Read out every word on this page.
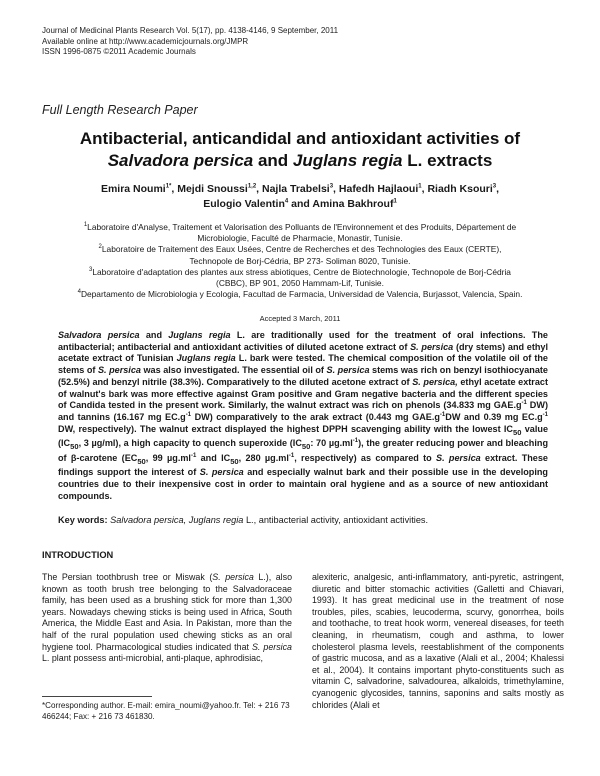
Journal of Medicinal Plants Research Vol. 5(17), pp. 4138-4146, 9 September, 2011
Available online at http://www.academicjournals.org/JMPR
ISSN 1996-0875 ©2011 Academic Journals
Full Length Research Paper
Antibacterial, anticandidal and antioxidant activities of
Salvadora persica and Juglans regia L. extracts
Emira Noumi$^{1*}$, Mejdi Snoussi$^{1,2}$, Najla Trabelsi$^3$, Hafedh Hajlaoui$^1$, Riadh Ksouri$^3$,
Eulogio Valentin$^4$ and Amina Bakhrouf$^1$
$^1$Laboratoire d'Analyse, Traitement et Valorisation des Polluants de l'Environnement et des Produits, Département de
Microbiologie, Faculté de Pharmacie, Monastir, Tunisie.
$^2$Laboratoire de Traitement des Eaux Usées, Centre de Recherches et des Technologies des Eaux (CERTE),
Technopole de Borj-Cédria, BP 273- Soliman 8020, Tunisie.
$^3$Laboratoire d'adaptation des plantes aux stress abiotiques, Centre de Biotechnologie, Technopole de Borj-Cédria
(CBBC), BP 901, 2050 Hammam-Lif, Tunisie.
$^4$Departamento de Microbiologia y Ecologia, Facultad de Farmacia, Universidad de Valencia, Burjassot, Valencia, Spain.
Accepted 3 March, 2011
Salvadora persica and Juglans regia L. are traditionally used for the treatment of oral infections. The antibacterial; antibacterial and antioxidant activities of diluted acetone extract of S. persica (dry stems) and ethyl acetate extract of Tunisian Juglans regia L. bark were tested. The chemical composition of the volatile oil of the stems of S. persica was also investigated. The essential oil of S. persica stems was rich on benzyl isothiocyanate (52.5%) and benzyl nitrile (38.3%). Comparatively to the diluted acetone extract of S. persica, ethyl acetate extract of walnut's bark was more effective against Gram positive and Gram negative bacteria and the different species of Candida tested in the present work. Similarly, the walnut extract was rich on phenols (34.833 mg $GAE.g^{-1}$ DW) and tannins (16.167 mg $EC.g^{-1}$ DW) comparatively to the arak extract (0.443 mg $GAE.g^{-1}DW$ and 0.39 mg $EC.g^{-1}$ DW, respectively). The walnut extract displayed the highest DPPH scavenging ability with the lowest $IC_{50}$ value ($IC_{50}$, 3 µg/ml), a high capacity to quench superoxide ($IC_{50}$: 70 $\mu g.ml^{-1}$), the greater reducing power and bleaching of β-carotene ($EC_{50}$, 99 $\mu g.ml^{-1}$ and $IC_{50}$, 280 $\mu g.ml^{-1}$, respectively) as compared to S. persica extract. These findings support the interest of S. persica and especially walnut bark and their possible use in the developing countries due to their inexpensive cost in order to maintain oral hygiene and as a source of new antioxidant compounds.
Key words: Salvadora persica, Juglans regia L., antibacterial activity, antioxidant activities.
INTRODUCTION
The Persian toothbrush tree or Miswak (S. persica L.), also known as tooth brush tree belonging to the Salvadoraceae family, has been used as a brushing stick for more than 1,300 years. Nowadays chewing sticks is being used in Africa, South America, the Middle East and Asia. In Pakistan, more than the half of the rural population used chewing sticks as an oral hygiene tool. Pharmacological studies indicated that S. persica L. plant possess anti-microbial, anti-plaque, aphrodisiac,
alexiteric, analgesic, anti-inflammatory, anti-pyretic, astringent, diuretic and bitter stomachic activities (Galletti and Chiavari, 1993). It has great medicinal use in the treatment of nose troubles, piles, scabies, leucoderma, scurvy, gonorrhea, boils and toothache, to treat hook worm, venereal diseases, for teeth cleaning, in rheumatism, cough and asthma, to lower cholesterol plasma levels, reestablishment of the components of gastric mucosa, and as a laxative (Alali et al., 2004; Khalessi et al., 2004). It contains important phyto-constituents such as vitamin C, salvadorine, salvadourea, alkaloids, trimethylamine, cyanogenic glycosides, tannins, saponins and salts mostly as chlorides (Alali et
*Corresponding author. E-mail: emira_noumi@yahoo.fr. Tel: + 216 73 466244; Fax: + 216 73 461830.
